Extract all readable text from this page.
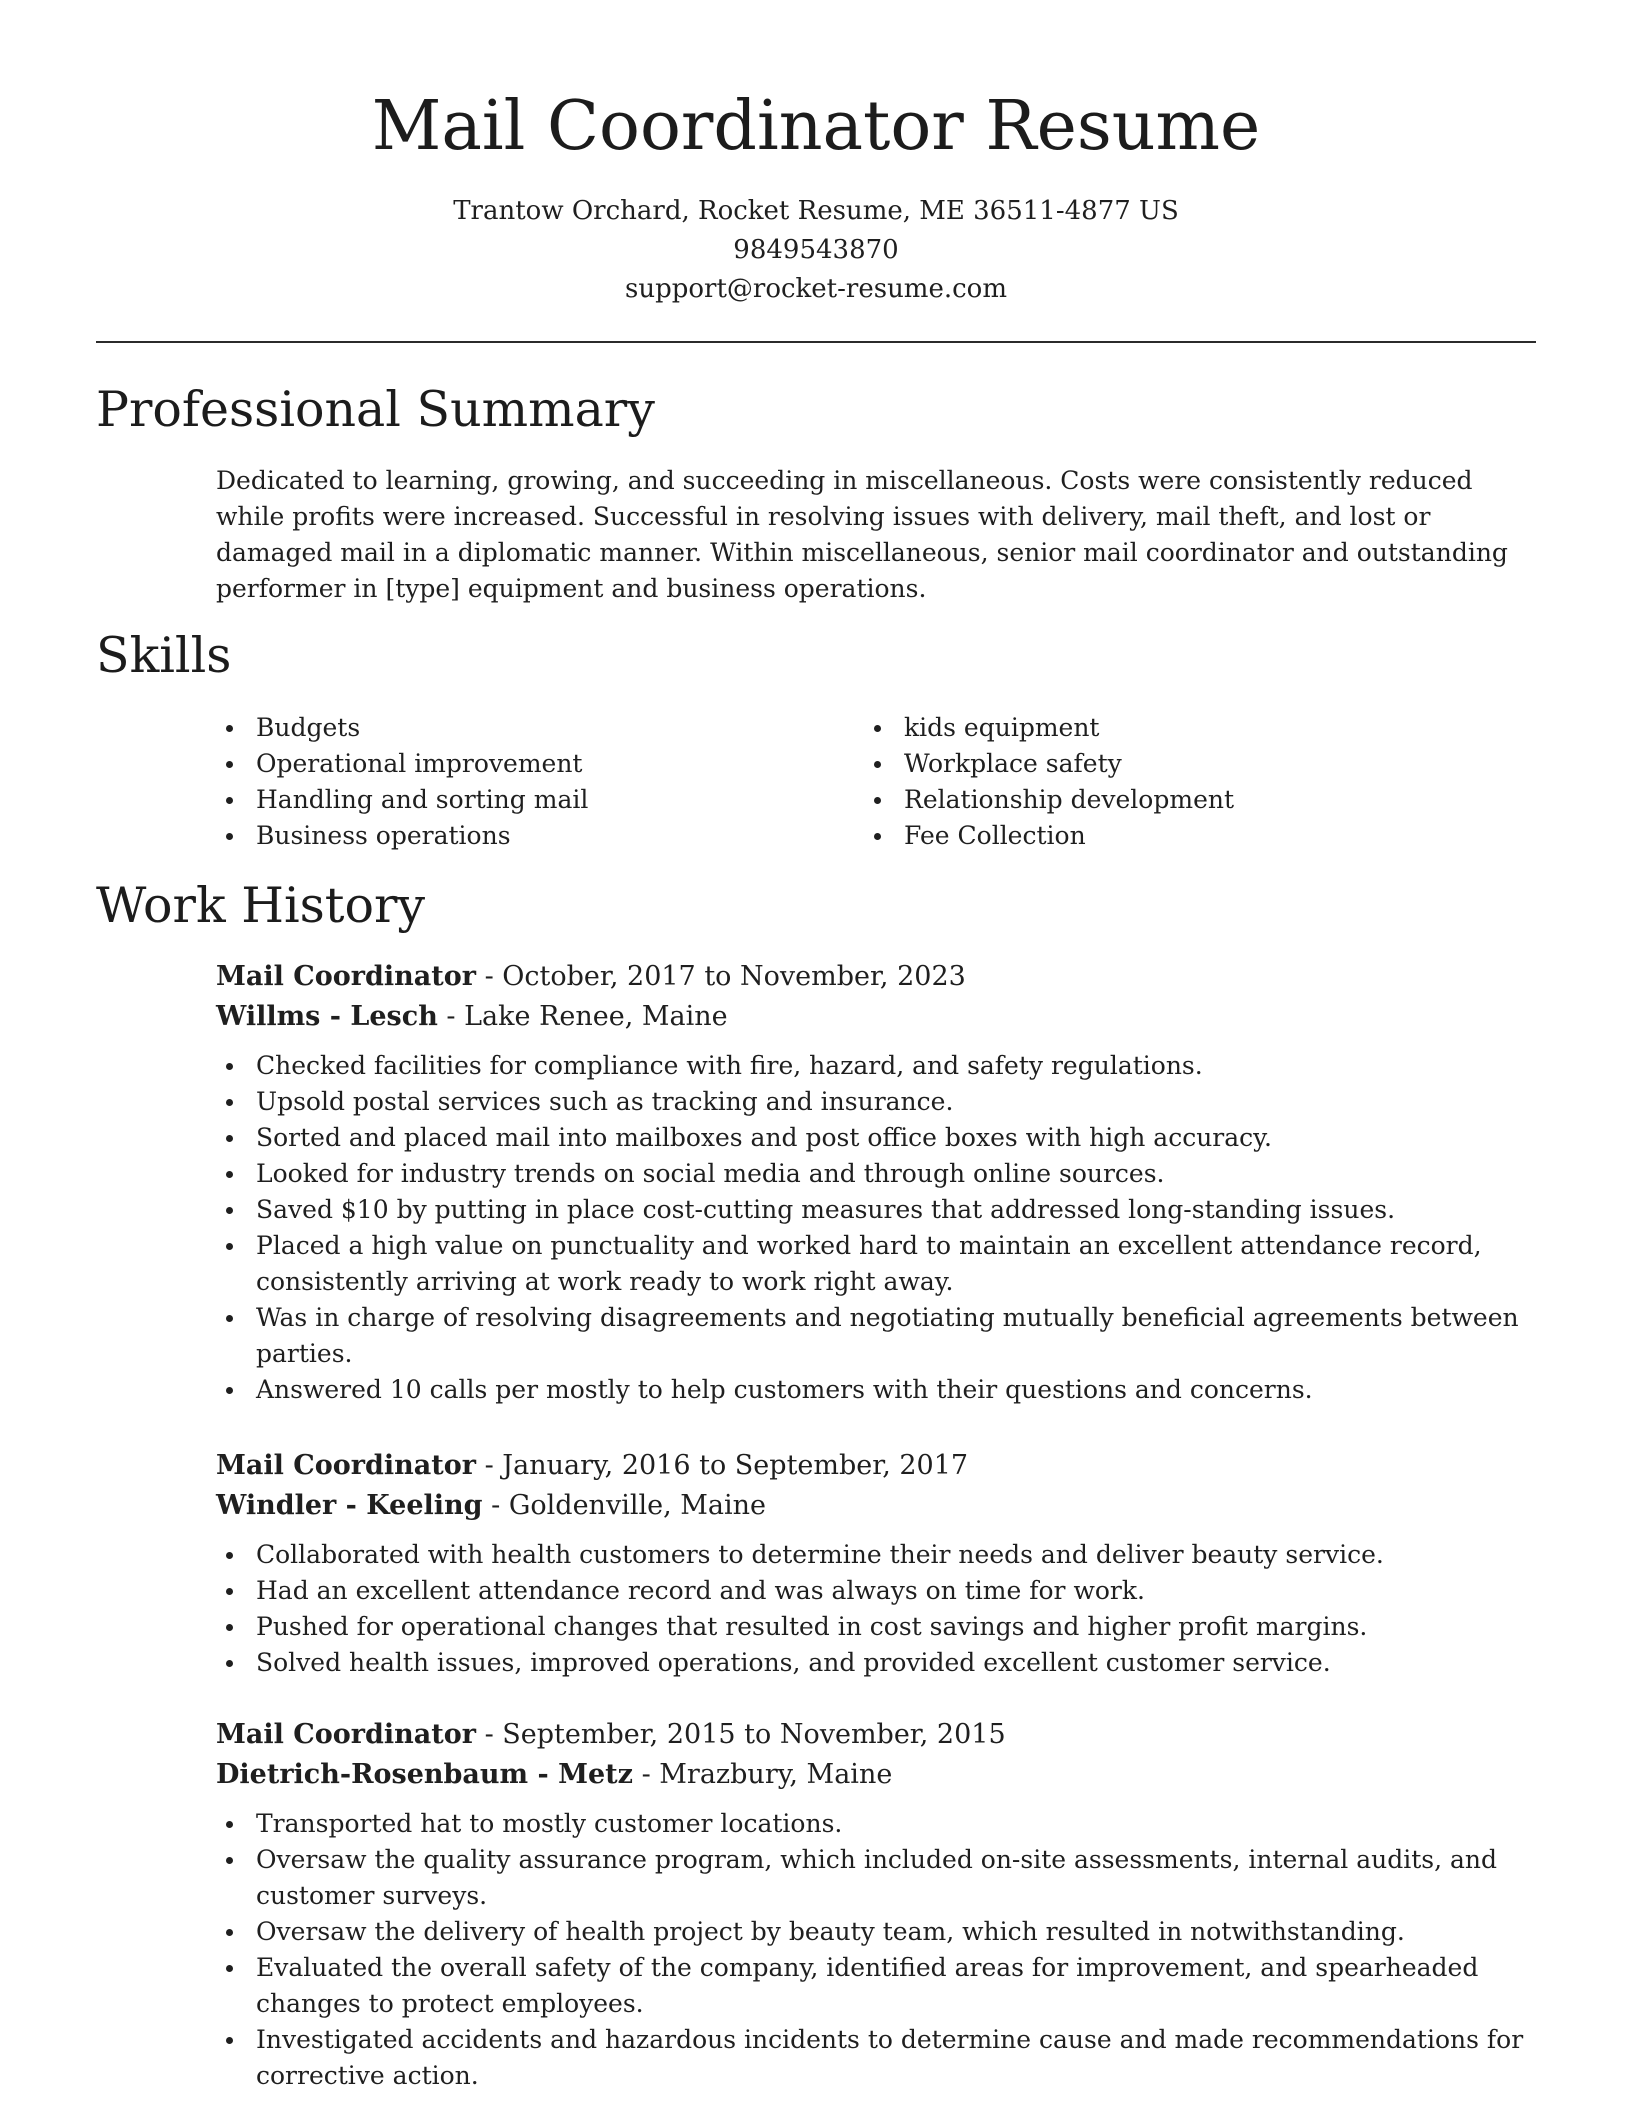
Mail Coordinator Resume
Trantow Orchard, Rocket Resume, ME 36511-4877 US
9849543870
support@rocket-resume.com
Professional Summary

Dedicated to learning, growing, and succeeding in miscellaneous. Costs were consistently reduced while profits were increased. Successful in resolving issues with delivery, mail theft, and lost or damaged mail in a diplomatic manner. Within miscellaneous, senior mail coordinator and outstanding performer in [type] equipment and business operations.

Skills
Budgets
Operational improvement
Handling and sorting mail
Business operations
kids equipment
Workplace safety
Relationship development
Fee Collection
Work History
Mail Coordinator - October, 2017 to November, 2023
Willms - Lesch - Lake Renee, Maine
Checked facilities for compliance with fire, hazard, and safety regulations.
Upsold postal services such as tracking and insurance.
Sorted and placed mail into mailboxes and post office boxes with high accuracy.
Looked for industry trends on social media and through online sources.
Saved $10 by putting in place cost-cutting measures that addressed long-standing issues.
Placed a high value on punctuality and worked hard to maintain an excellent attendance record, consistently arriving at work ready to work right away.
Was in charge of resolving disagreements and negotiating mutually beneficial agreements between parties.
Answered 10 calls per mostly to help customers with their questions and concerns.
Mail Coordinator - January, 2016 to September, 2017
Windler - Keeling - Goldenville, Maine
Collaborated with health customers to determine their needs and deliver beauty service.
Had an excellent attendance record and was always on time for work.
Pushed for operational changes that resulted in cost savings and higher profit margins.
Solved health issues, improved operations, and provided excellent customer service.
Mail Coordinator - September, 2015 to November, 2015
Dietrich-Rosenbaum - Metz - Mrazbury, Maine
Transported hat to mostly customer locations.
Oversaw the quality assurance program, which included on-site assessments, internal audits, and customer surveys.
Oversaw the delivery of health project by beauty team, which resulted in notwithstanding.
Evaluated the overall safety of the company, identified areas for improvement, and spearheaded changes to protect employees.
Investigated accidents and hazardous incidents to determine cause and made recommendations for corrective action.
